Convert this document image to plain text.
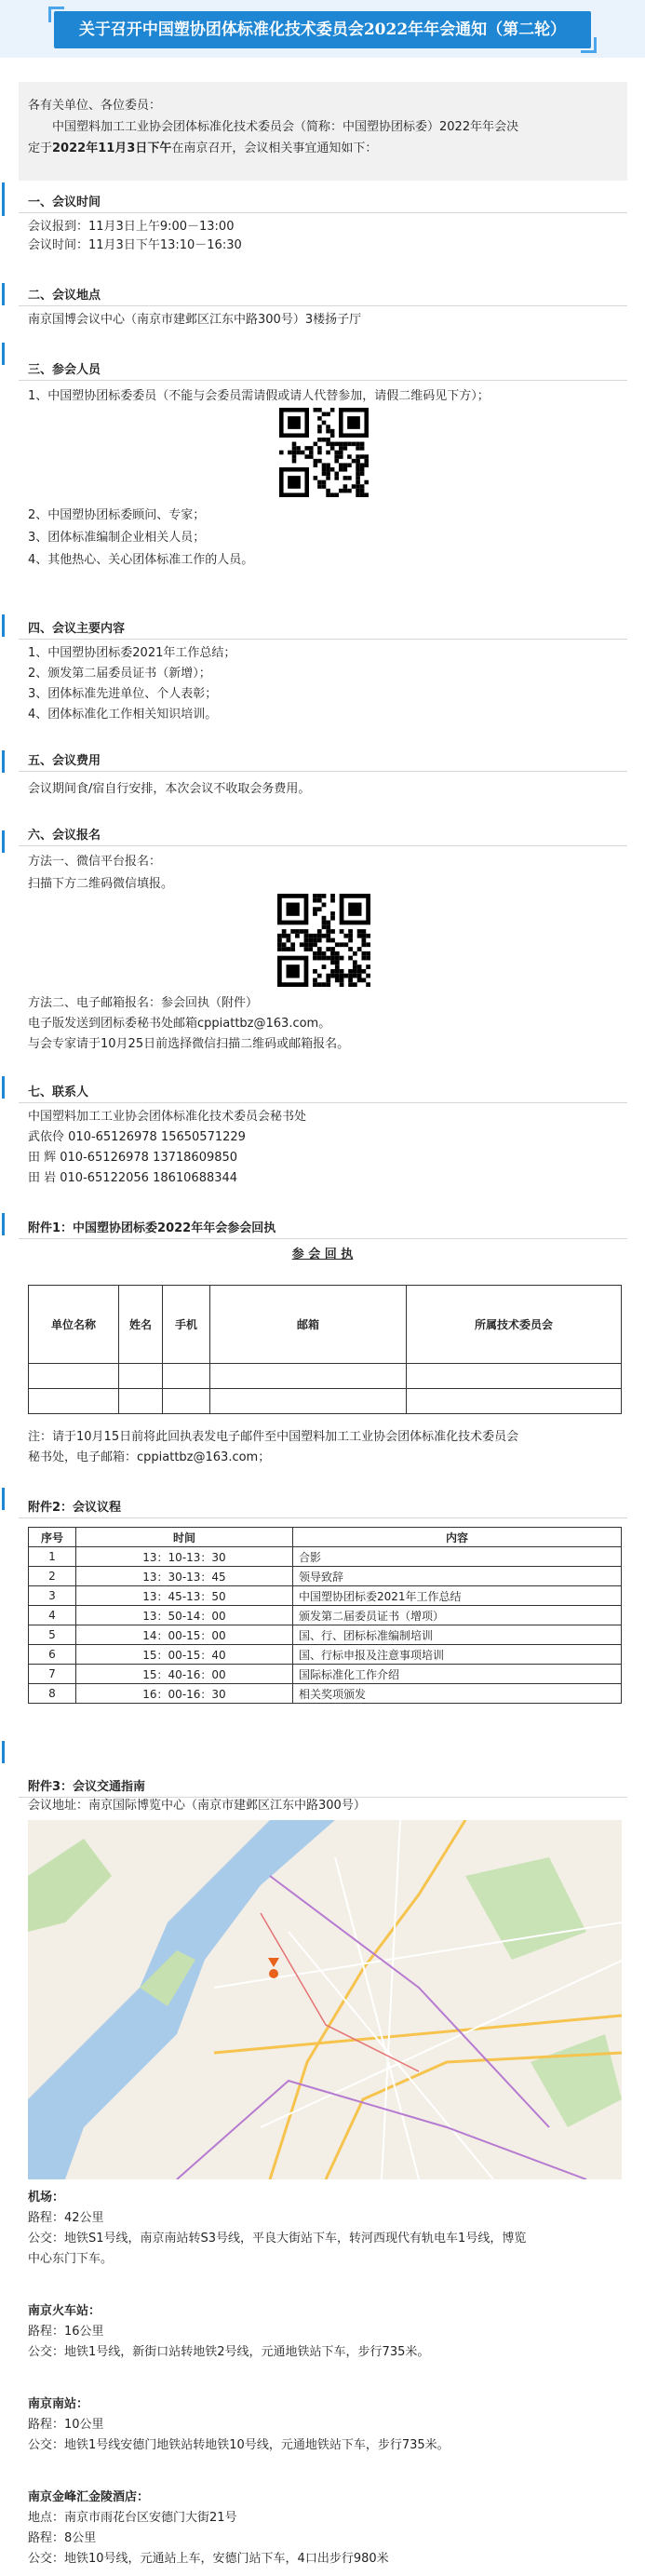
关于召开中国塑协团体标准化技术委员会2022年年会通知（第二轮）

各有关单位、各位委员：

中国塑料加工工业协会团体标准化技术委员会（简称：中国塑协团标委）2022年年会决

定于2022年11月3日下午在南京召开，会议相关事宜通知如下：

一、会议时间
会议报到：11月3日上午9:00－13:00
会议时间：11月3日下午13:10－16:30
二、会议地点
南京国博会议中心（南京市建邺区江东中路300号）3楼扬子厅
三、参会人员
1、中国塑协团标委委员（不能与会委员需请假或请人代替参加，请假二维码见下方）；
2、中国塑协团标委顾问、专家；
3、团体标准编制企业相关人员；
4、其他热心、关心团体标准工作的人员。
四、会议主要内容
1、中国塑协团标委2021年工作总结；
2、颁发第二届委员证书（新增）；
3、团体标准先进单位、个人表彰；
4、团体标准化工作相关知识培训。
五、会议费用
会议期间食/宿自行安排，本次会议不收取会务费用。
六、会议报名
方法一、微信平台报名：
扫描下方二维码微信填报。
方法二、电子邮箱报名：参会回执（附件）
电子版发送到团标委秘书处邮箱cppiattbz@163.com。
与会专家请于10月25日前选择微信扫描二维码或邮箱报名。
七、联系人
中国塑料加工工业协会团体标准化技术委员会秘书处
武依伶 010-65126978 15650571229
田 辉 010-65126978 13718609850
田 岩 010-65122056 18610688344
附件1：中国塑协团标委2022年年会参会回执
参 会 回 执
单位名称	姓名	手机	邮箱	所属技术委员会

注：请于10月15日前将此回执表发电子邮件至中国塑料加工工业协会团体标准化技术委员会
秘书处，电子邮箱：cppiattbz@163.com；
附件2：会议议程
序号	时间	内容
1	13：10-13：30	合影
2	13：30-13：45	领导致辞
3	13：45-13：50	中国塑协团标委2021年工作总结
4	13：50-14：00	颁发第二届委员证书（增项）
5	14：00-15：00	国、行、团标标准编制培训
6	15：00-15：40	国、行标申报及注意事项培训
7	15：40-16：00	国际标准化工作介绍
8	16：00-16：30	相关奖项颁发
附件3：会议交通指南
会议地址：南京国际博览中心（南京市建邺区江东中路300号）
机场：
路程：42公里
公交：地铁S1号线，南京南站转S3号线，平良大街站下车，转河西现代有轨电车1号线，博览
中心东门下车。
南京火车站：
路程：16公里
公交：地铁1号线，新街口站转地铁2号线，元通地铁站下车，步行735米。
南京南站：
路程：10公里
公交：地铁1号线安德门地铁站转地铁10号线，元通地铁站下车，步行735米。
南京金峰汇金陵酒店：
地点：南京市雨花台区安德门大街21号
路程：8公里
公交：地铁10号线，元通站上车，安德门站下车，4口出步行980米
